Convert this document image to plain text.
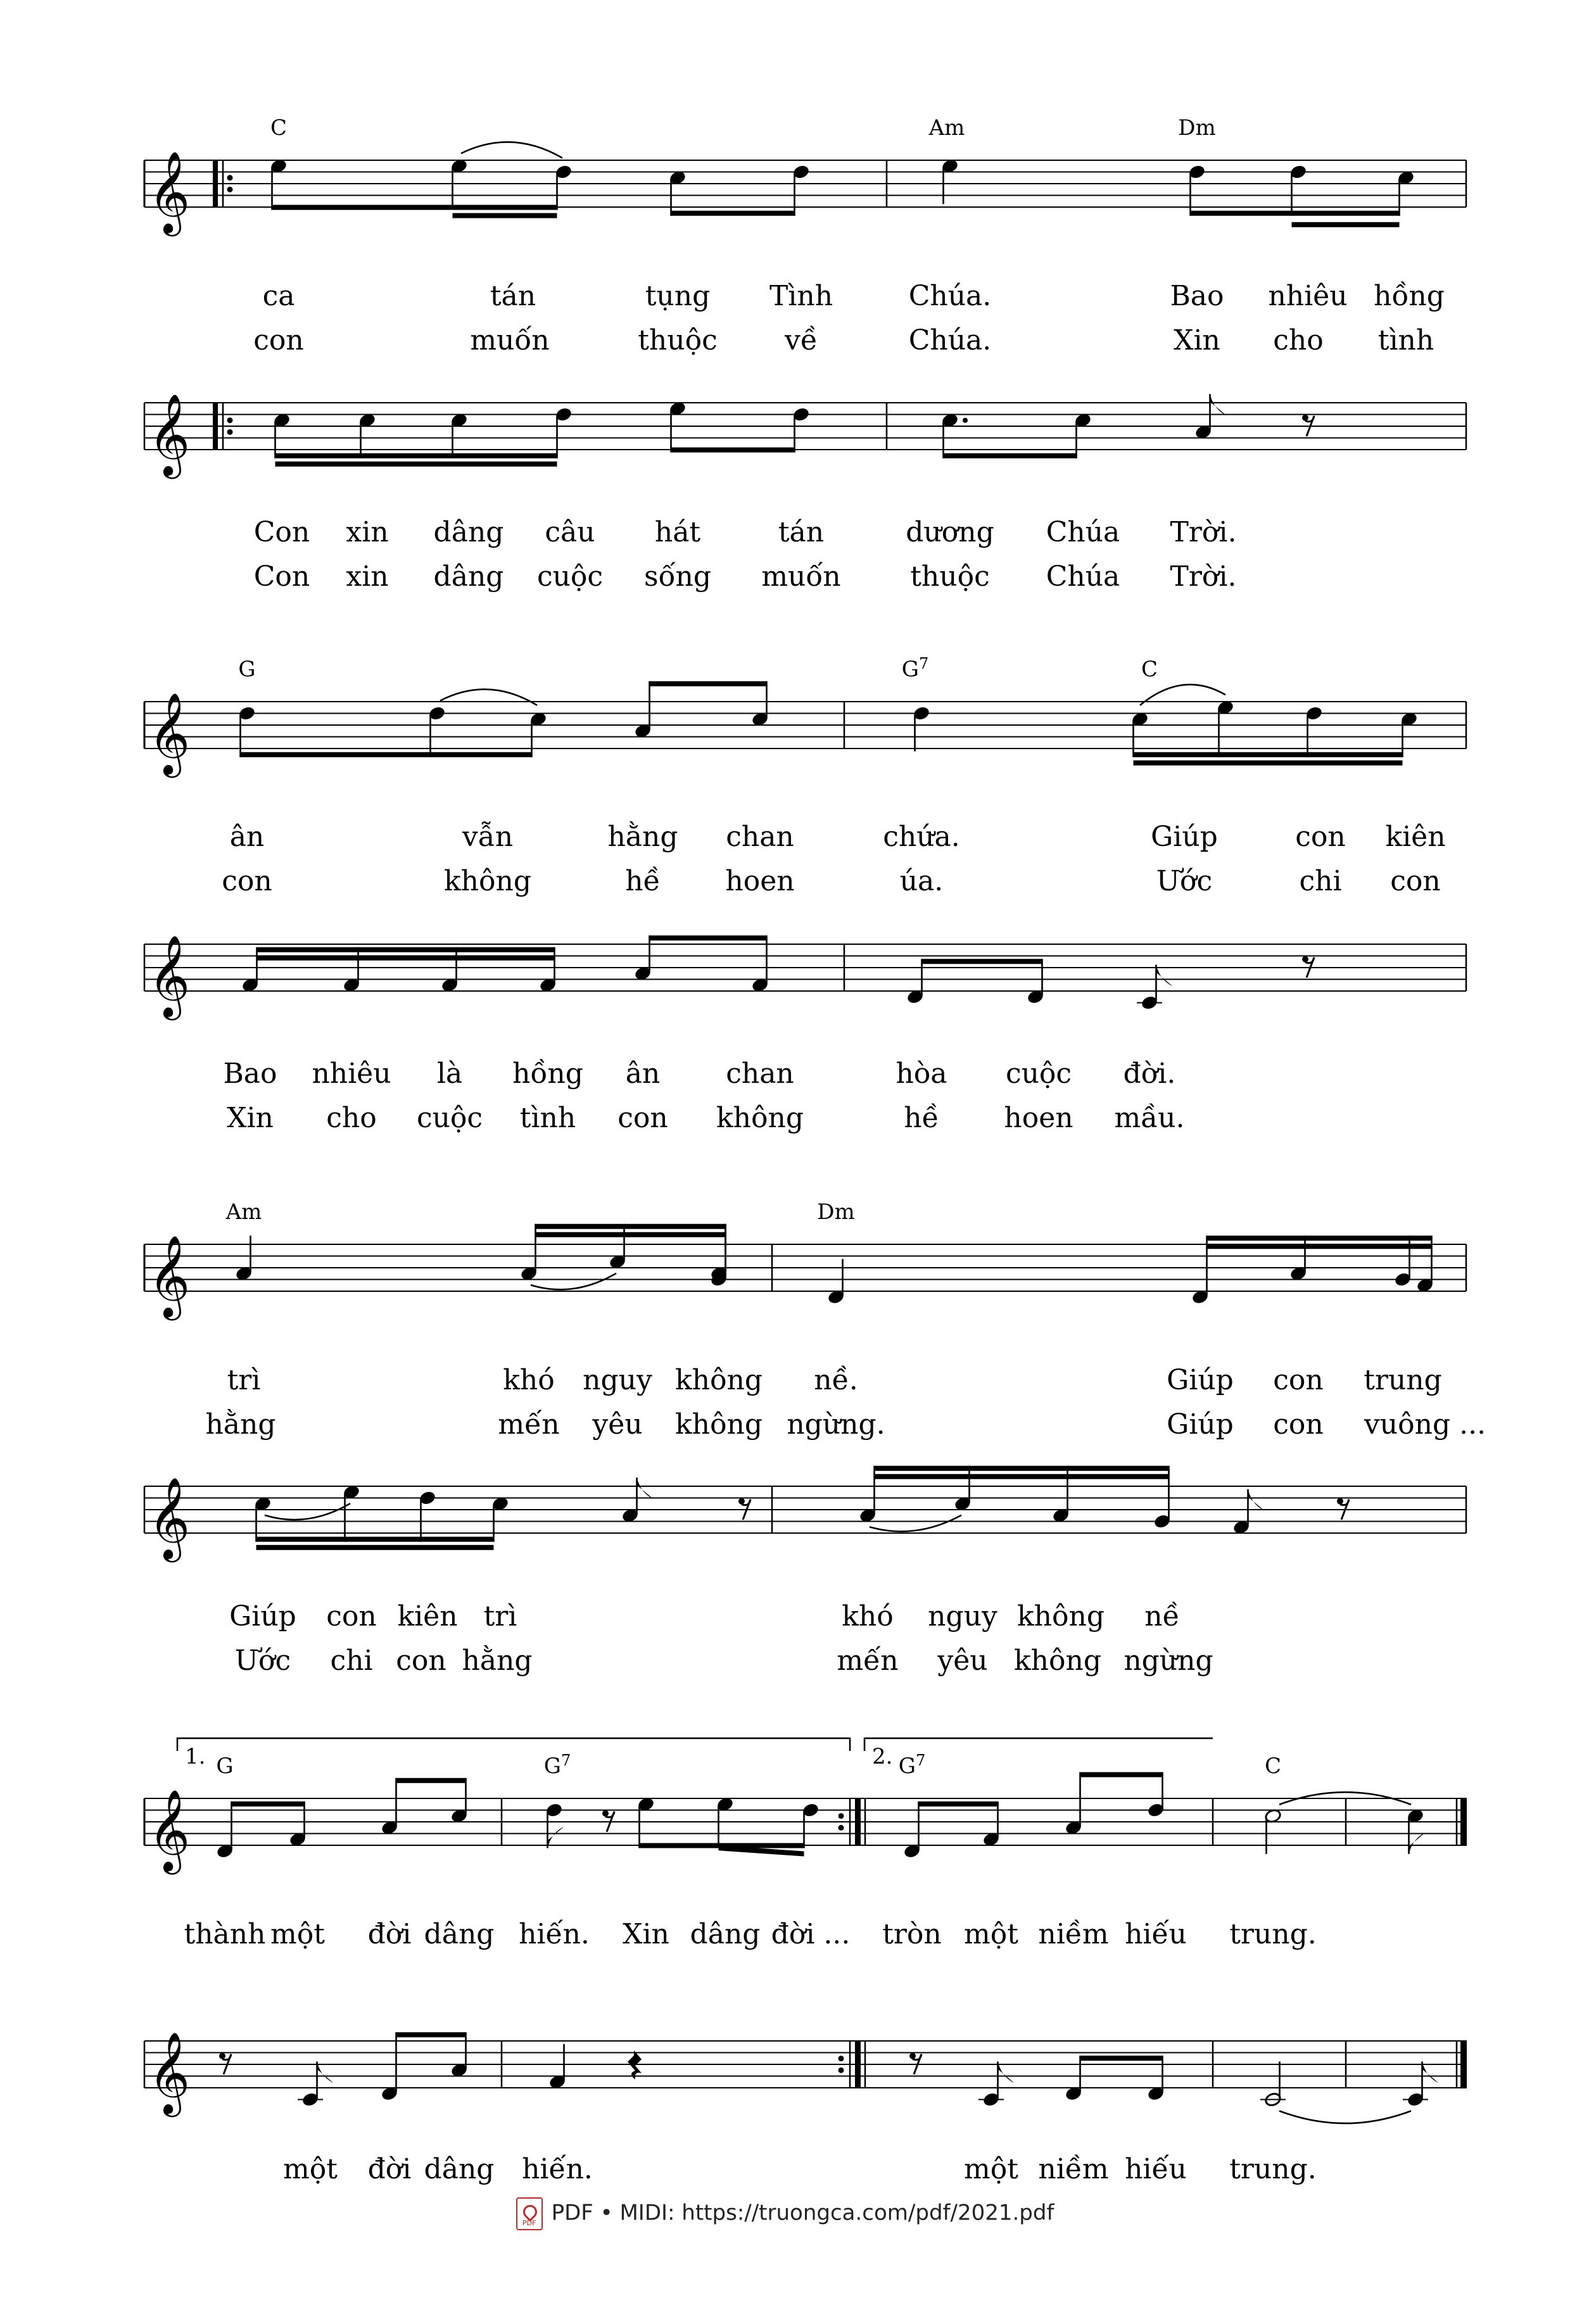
𝄞
𝄞
𝄞
𝄞
𝄞
𝄞
𝄞
𝄞
1.	2.
C	Am	Dm
ca	tán	tụng Tình	Chúa.	Bao nhiêu hồng
con	muốn	thuộc về	Chúa.	Xin cho tình
Con xin dâng câu hát	tán	dương Chúa Trời.
Con xin dâng cuộc sống muốn thuộc Chúa Trời.
G	$G^7$	C
ân	vẫn	hằng chan	chứa.	Giúp	con kiên
con	không	hề hoen	úa.	Ước	chi con
Bao nhiêu là hồng ân chan	hòa cuộc đời.
Xin cho cuộc tình con không	hề hoen mầu.
Am	Dm
trì	khó nguy không nề.	Giúp con trung
hằng	mến yêu không ngừng.	Giúp con vuông ...
Giúp con kiên trì	khó nguy không nề
Ước chi con hằng	mến yêu không ngừng
G	$G^7$	$G^7$	C
thành một đời dâng hiến. Xin dâng đời ... tròn một niềm hiếu trung.
một đời dâng hiến.	một niềm hiếu trung.
PDF PDF • MIDI: https://truongca.com/pdf/2021.pdf
